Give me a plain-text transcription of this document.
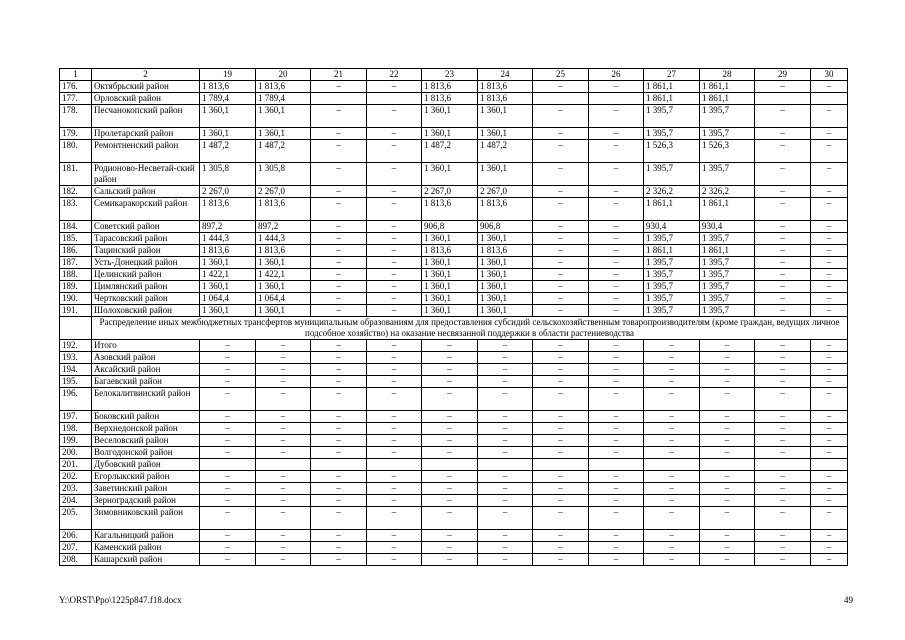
1	2	19	20	21	22	23	24	25	26	27	28	29	30
176.	Октябрьский район	1 813,6	1 813,6	–	–	1 813,6	1 813,6	–	–	1 861,1	1 861,1	–	–
177.	Орловский район	1 789,4	1 789,4			1 813,6	1 813,6			1 861,1	1 861,1		
178.	Песчанокопский район	1 360,1	1 360,1	–	–	1 360,1	1 360,1	–	–	1 395,7	1 395,7	–	–
179.	Пролетарский район	1 360,1	1 360,1	–	–	1 360,1	1 360,1	–	–	1 395,7	1 395,7	–	–
180.	Ремонтненский район	1 487,2	1 487,2	–	–	1 487,2	1 487,2	–	–	1 526,3	1 526,3	–	–
181.	Родионово-Несветай-ский район	1 305,8	1 305,8	–	–	1 360,1	1 360,1	–	–	1 395,7	1 395,7	–	–
182.	Сальский район	2 267,0	2 267,0	–	–	2 267,0	2 267,0	–	–	2 326,2	2 326,2	–	–
183.	Семикаракорский район	1 813,6	1 813,6	–	–	1 813,6	1 813,6	–	–	1 861,1	1 861,1	–	–
184.	Советский район	897,2	897,2	–	–	906,8	906,8	–	–	930,4	930,4	–	–
185.	Тарасовский район	1 444,3	1 444,3	–	–	1 360,1	1 360,1	–	–	1 395,7	1 395,7	–	–
186.	Тацинский район	1 813,6	1 813,6	–	–	1 813,6	1 813,6	–	–	1 861,1	1 861,1	–	–
187.	Усть-Донецкий район	1 360,1	1 360,1	–	–	1 360,1	1 360,1	–	–	1 395,7	1 395,7	–	–
188.	Целинский район	1 422,1	1 422,1	–	–	1 360,1	1 360,1	–	–	1 395,7	1 395,7	–	–
189.	Цимлянский район	1 360,1	1 360,1	–	–	1 360,1	1 360,1	–	–	1 395,7	1 395,7	–	–
190.	Чертковский район	1 064,4	1 064,4	–	–	1 360,1	1 360,1	–	–	1 395,7	1 395,7	–	–
191.	Шолоховский район	1 360,1	1 360,1	–	–	1 360,1	1 360,1	–	–	1 395,7	1 395,7	–	–
	Распределение иных межбюджетных трансфертов муниципальным образованиям для предоставления субсидий сельскохозяйственным товаропроизводителям (кроме граждан, ведущих личное подсобное хозяйство) на оказание несвязанной поддержки в области растениеводства												
192.	Итого	–	–	–	–	–	–	–	–	–	–	–	–
193.	Азовский район	–	–	–	–	–	–	–	–	–	–	–	–
194.	Аксайский район	–	–	–	–	–	–	–	–	–	–	–	–
195.	Багаевский район	–	–	–	–	–	–	–	–	–	–	–	–
196.	Белокалитвинский район	–	–	–	–	–	–	–	–	–	–	–	–
197.	Боковский район	–	–	–	–	–	–	–	–	–	–	–	–
198.	Верхнедонской район	–	–	–	–	–	–	–	–	–	–	–	–
199.	Веселовский район	–	–	–	–	–	–	–	–	–	–	–	–
200.	Волгодонской район	–	–	–	–	–	–	–	–	–	–	–	–
201.	Дубовский район												
202.	Егорлыкский район	–	–	–	–	–	–	–	–	–	–	–	–
203.	Заветинский район	–	–	–	–	–	–	–	–	–	–	–	–
204.	Зерноградский район	–	–	–	–	–	–	–	–	–	–	–	–
205.	Зимовниковский район	–	–	–	–	–	–	–	–	–	–	–	–
206.	Кагальницкий район	–	–	–	–	–	–	–	–	–	–	–	–
207.	Каменский район	–	–	–	–	–	–	–	–	–	–	–	–
208.	Кашарский район	–	–	–	–	–	–	–	–	–	–	–	–
Y:\ORST\Ppo\1225p847.f18.docx	49
